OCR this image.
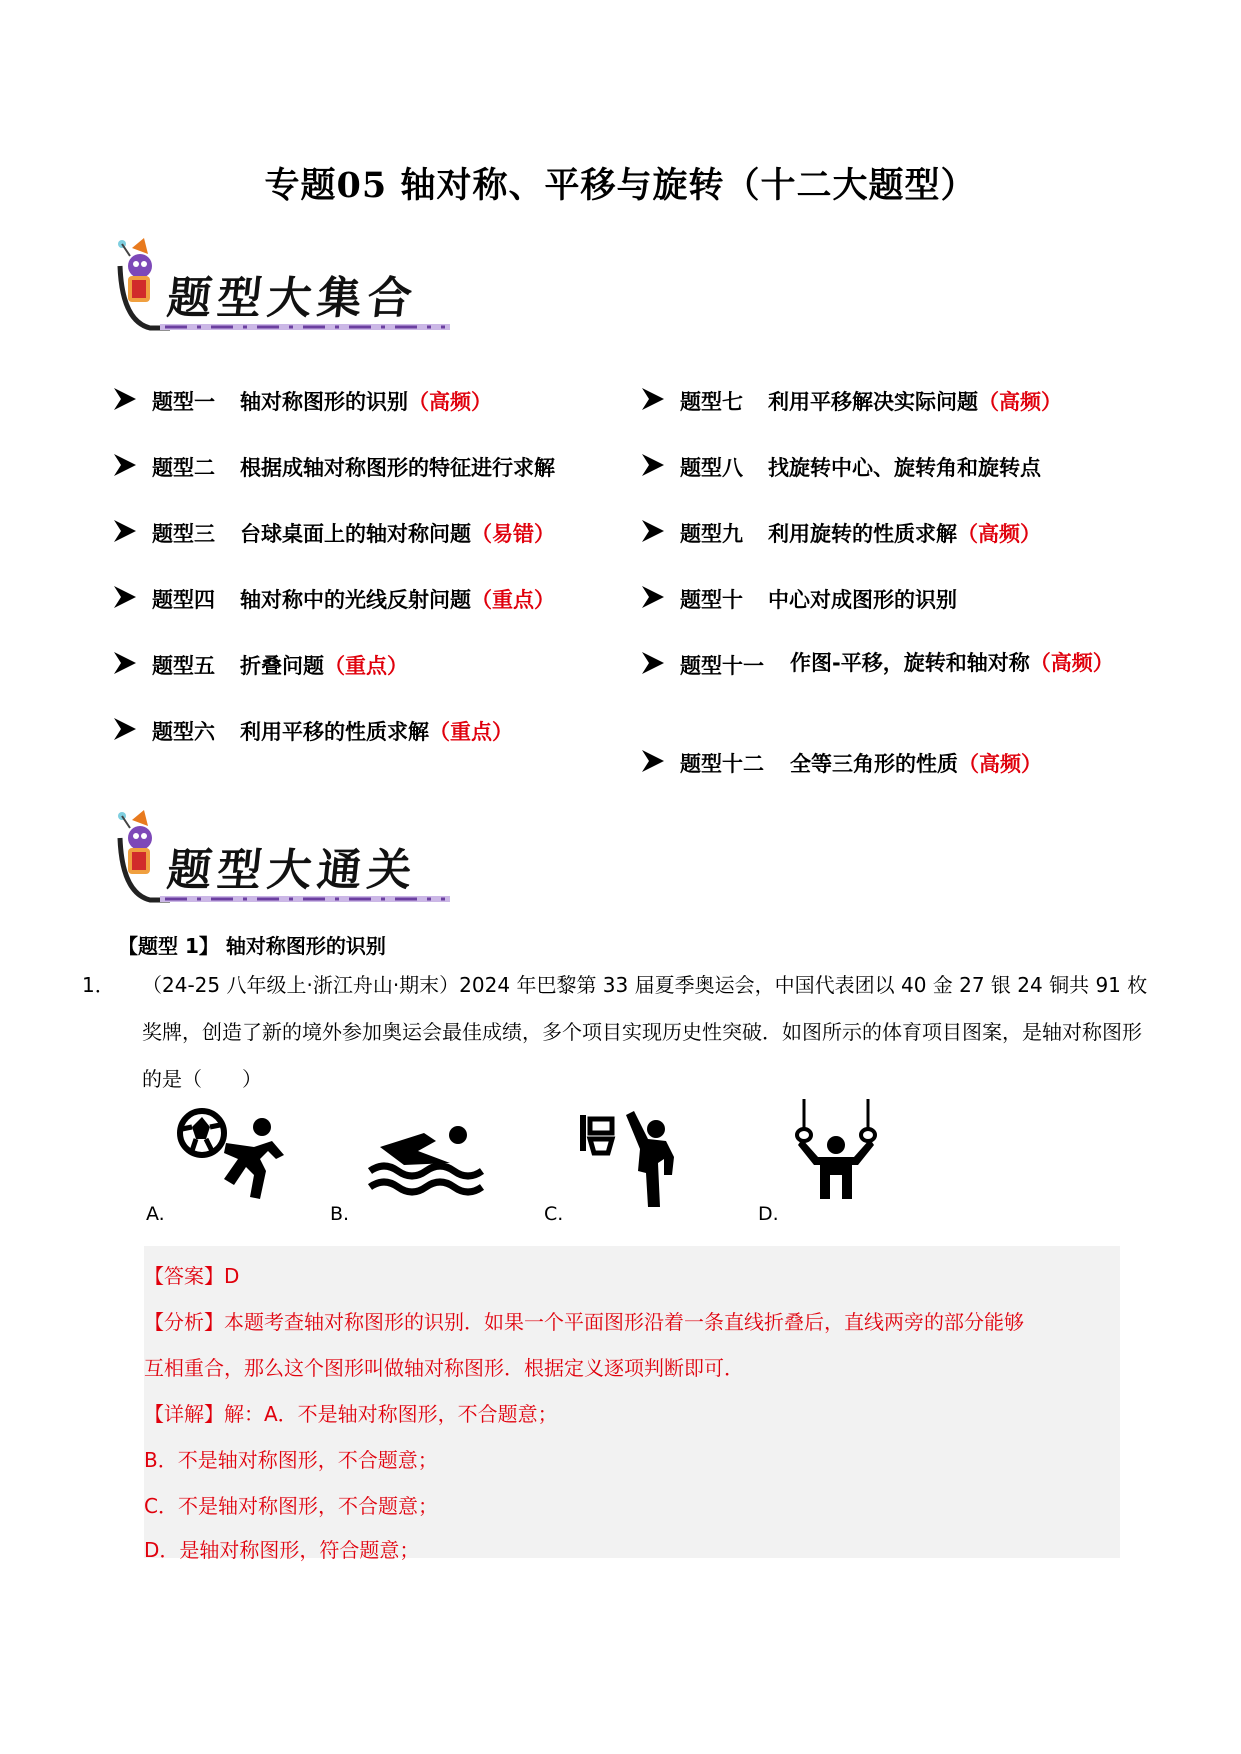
专题05 轴对称、平移与旋转（十二大题型）
题型大集合
题型一	轴对称图形的识别（高频）
题型二	根据成轴对称图形的特征进行求解
题型三	台球桌面上的轴对称问题（易错）
题型四	轴对称中的光线反射问题（重点）
题型五	折叠问题（重点）
题型六	利用平移的性质求解（重点）
题型七	利用平移解决实际问题（高频）
题型八	找旋转中心、旋转角和旋转点
题型九	利用旋转的性质求解（高频）
题型十	中心对成图形的识别
题型十一	作图-平移，旋转和轴对称（高频）
题型十二	全等三角形的性质（高频）
题型大通关
【题型 1】 轴对称图形的识别
1． （24-25 八年级上·浙江舟山·期末）2024 年巴黎第 33 届夏季奥运会，中国代表团以 40 金 27 银 24 铜共 91 枚奖牌，创造了新的境外参加奥运会最佳成绩，多个项目实现历史性突破．如图所示的体育项目图案，是轴对称图形的是（　　）
A.	B.	C.	D.
【答案】D
【分析】本题考查轴对称图形的识别．如果一个平面图形沿着一条直线折叠后，直线两旁的部分能够
互相重合，那么这个图形叫做轴对称图形．根据定义逐项判断即可．
【详解】解：A．不是轴对称图形，不合题意；
B．不是轴对称图形，不合题意；
C．不是轴对称图形，不合题意；
D．是轴对称图形，符合题意；
